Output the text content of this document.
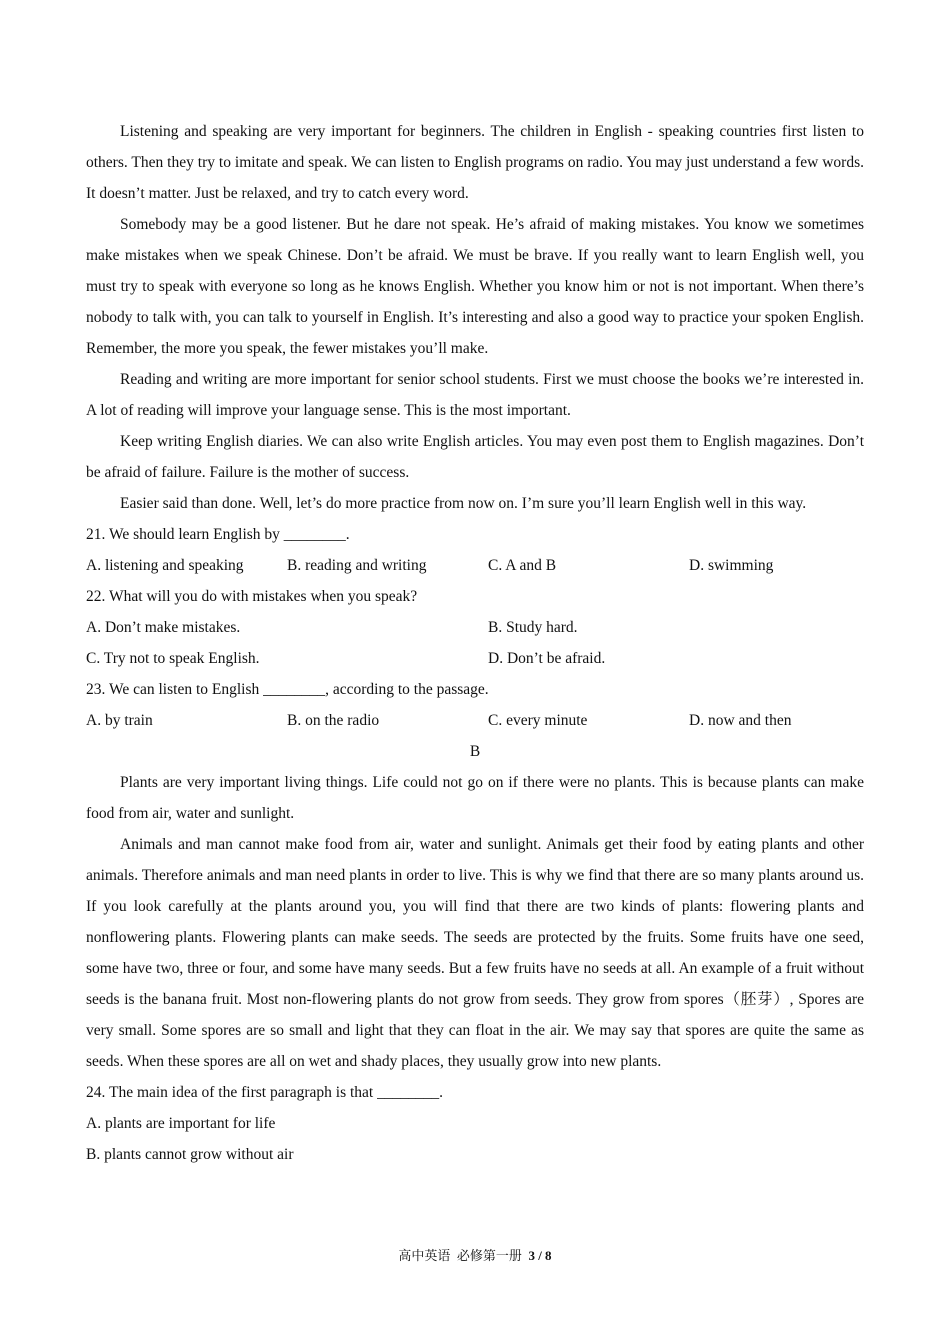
Listening and speaking are very important for beginners. The children in English - speaking countries first listen to others. Then they try to imitate and speak. We can listen to English programs on radio. You may just understand a few words. It doesn’t matter. Just be relaxed, and try to catch every word.

Somebody may be a good listener. But he dare not speak. He’s afraid of making mistakes. You know we sometimes make mistakes when we speak Chinese. Don’t be afraid. We must be brave. If you really want to learn English well, you must try to speak with everyone so long as he knows English. Whether you know him or not is not important. When there’s nobody to talk with, you can talk to yourself in English. It’s interesting and also a good way to practice your spoken English. Remember, the more you speak, the fewer mistakes you’ll make.

Reading and writing are more important for senior school students. First we must choose the books we’re interested in. A lot of reading will improve your language sense. This is the most important.

Keep writing English diaries. We can also write English articles. You may even post them to English magazines. Don’t be afraid of failure. Failure is the mother of success.

Easier said than done. Well, let’s do more practice from now on. I’m sure you’ll learn English well in this way.

21. We should learn English by ________.

A. listening and speaking	B. reading and writing	C. A and B	D. swimming

22. What will you do with mistakes when you speak?

A. Don’t make mistakes.	B. Study hard.
C. Try not to speak English.	D. Don’t be afraid.

23. We can listen to English ________, according to the passage.

A. by train	B. on the radio	C. every minute	D. now and then

B

Plants are very important living things. Life could not go on if there were no plants. This is because plants can make food from air, water and sunlight.

Animals and man cannot make food from air, water and sunlight. Animals get their food by eating plants and other animals. Therefore animals and man need plants in order to live. This is why we find that there are so many plants around us. If you look carefully at the plants around you, you will find that there are two kinds of plants: flowering plants and nonflowering plants. Flowering plants can make seeds. The seeds are protected by the fruits. Some fruits have one seed, some have two, three or four, and some have many seeds. But a few fruits have no seeds at all. An example of a fruit without seeds is the banana fruit. Most non-flowering plants do not grow from seeds. They grow from spores（胚芽）, Spores are very small. Some spores are so small and light that they can float in the air. We may say that spores are quite the same as seeds. When these spores are all on wet and shady places, they usually grow into new plants.

24. The main idea of the first paragraph is that ________.

A. plants are important for life

B. plants cannot grow without air

高中英语  必修第一册  3 / 8
